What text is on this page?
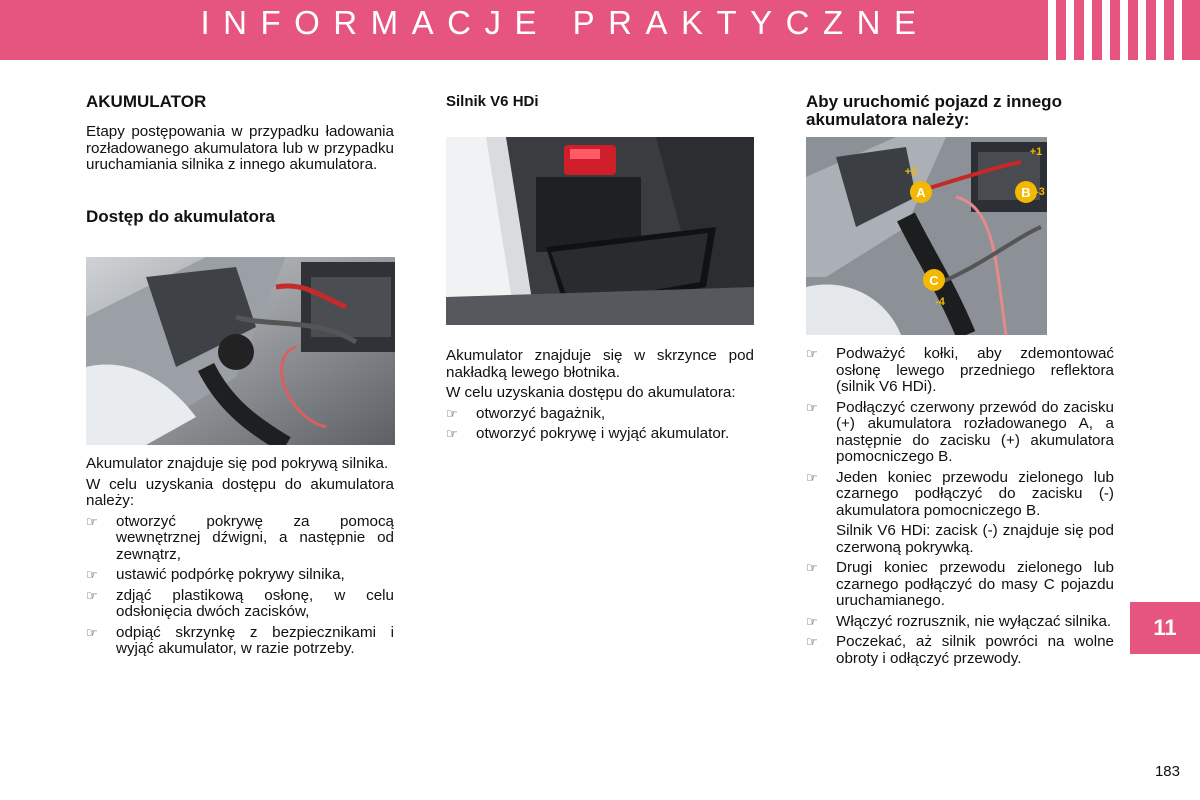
INFORMACJE PRAKTYCZNE
AKUMULATOR

Etapy postępowania w przypadku ładowania rozładowanego akumulatora lub w przypadku uruchamiania silnika z innego akumulatora.

Dostęp do akumulatora

Akumulator znajduje się pod pokrywą silnika.

W celu uzyskania dostępu do akumulatora należy:

☞ otworzyć pokrywę za pomocą wewnętrznej dźwigni, a następnie od zewnątrz,
☞ ustawić podpórkę pokrywy silnika,
☞ zdjąć plastikową osłonę, w celu odsłonięcia dwóch zacisków,
☞ odpiąć skrzynkę z bezpiecznikami i wyjąć akumulator, w razie potrzeby.
Silnik V6 HDi

Akumulator znajduje się w skrzynce pod nakładką lewego błotnika.

W celu uzyskania dostępu do akumulatora:

☞ otworzyć bagażnik,
☞ otworzyć pokrywę i wyjąć akumulator.
Aby uruchomić pojazd z innego akumulatora należy:
A	B
C
+1
+2
-3
-4
☞ Podważyć kołki, aby zdemontować osłonę lewego przedniego reflektora (silnik V6 HDi).
☞ Podłączyć czerwony przewód do zacisku (+) akumulatora rozładowanego A, a następnie do zacisku (+) akumulatora pomocniczego B.
☞ Jeden koniec przewodu zielonego lub czarnego podłączyć do zacisku (-) akumulatora pomocniczego B.
Silnik V6 HDi: zacisk (-) znajduje się pod czerwoną pokrywką.
☞ Drugi koniec przewodu zielonego lub czarnego podłączyć do masy C pojazdu uruchamianego.
☞ Włączyć rozrusznik, nie wyłączać silnika.
☞ Poczekać, aż silnik powróci na wolne obroty i odłączyć przewody.
11
183
